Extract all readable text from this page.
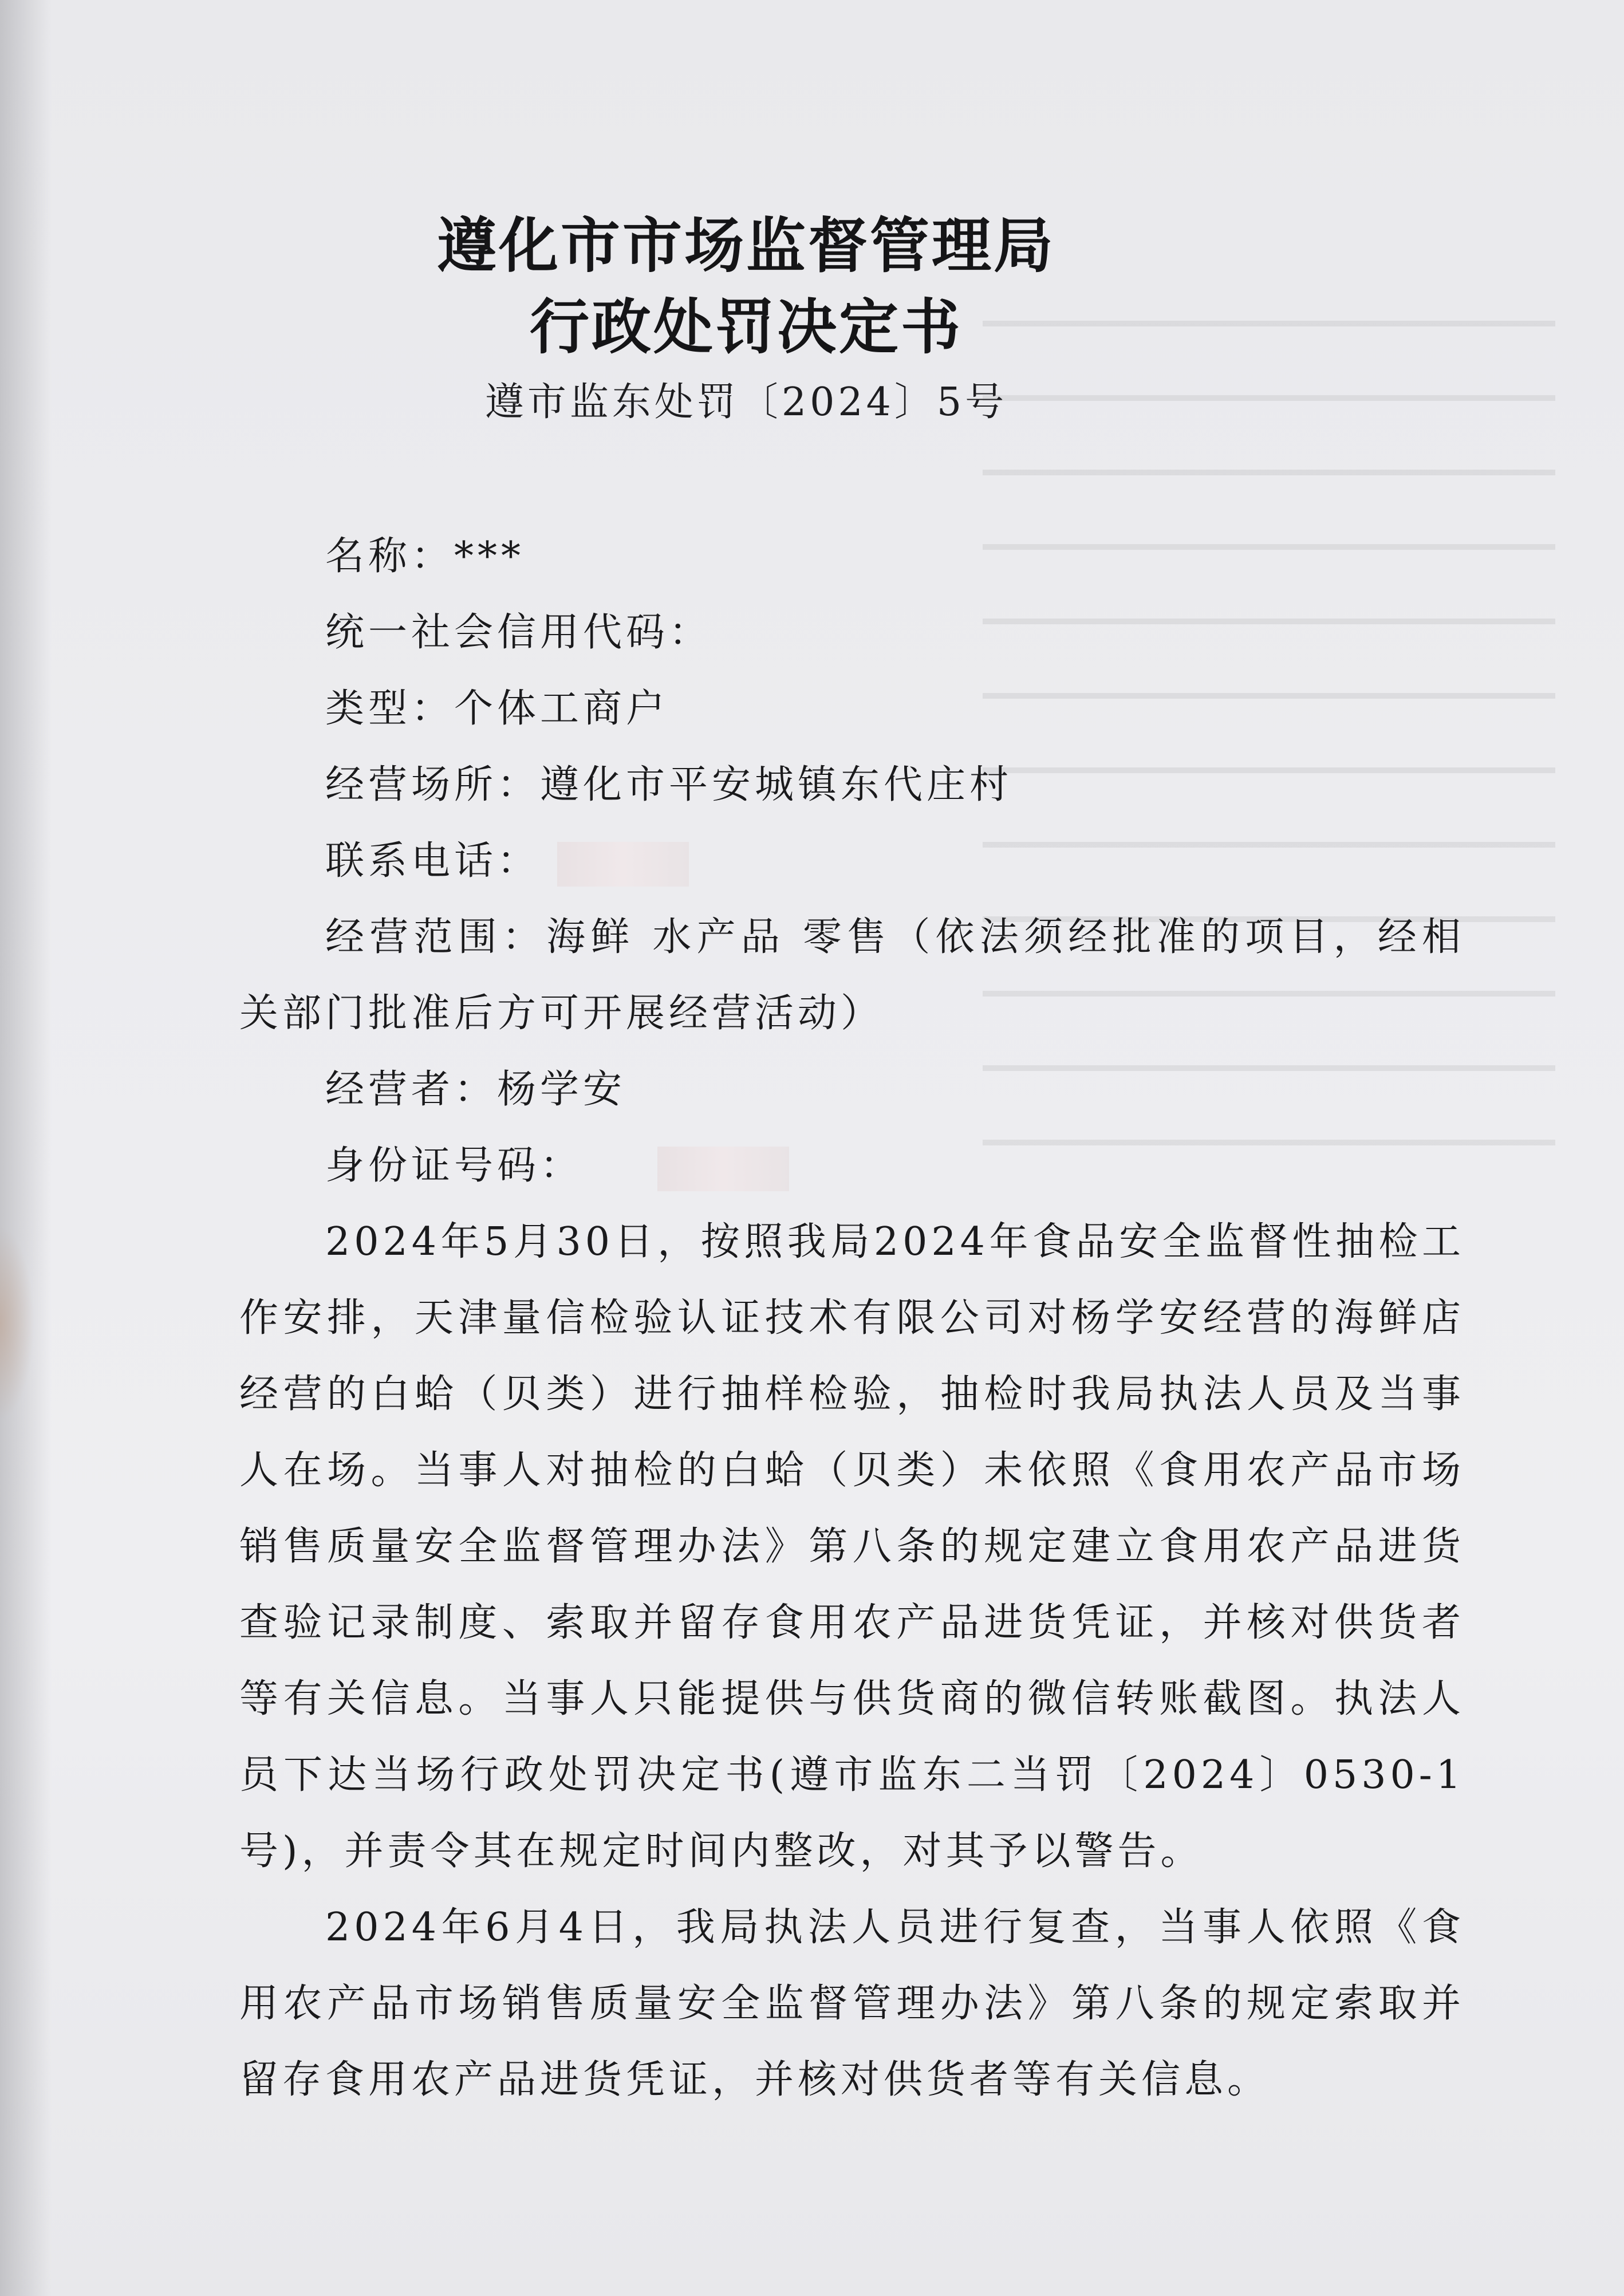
遵化市市场监督管理局
行政处罚决定书
遵市监东处罚〔2024〕5号

名称：***

统一社会信用代码：

类型：个体工商户

经营场所：遵化市平安城镇东代庄村

联系电话：

经营范围：海鲜 水产品 零售（依法须经批准的项目，经相关部门批准后方可开展经营活动）

经营者：杨学安

身份证号码：

2024年5月30日，按照我局2024年食品安全监督性抽检工作安排，天津量信检验认证技术有限公司对杨学安经营的海鲜店经营的白蛤（贝类）进行抽样检验，抽检时我局执法人员及当事人在场。当事人对抽检的白蛤（贝类）未依照《食用农产品市场销售质量安全监督管理办法》第八条的规定建立食用农产品进货查验记录制度、索取并留存食用农产品进货凭证，并核对供货者等有关信息。当事人只能提供与供货商的微信转账截图。执法人员下达当场行政处罚决定书(遵市监东二当罚〔2024〕0530-1号)，并责令其在规定时间内整改，对其予以警告。

2024年6月4日，我局执法人员进行复查，当事人依照《食用农产品市场销售质量安全监督管理办法》第八条的规定索取并留存食用农产品进货凭证，并核对供货者等有关信息。
